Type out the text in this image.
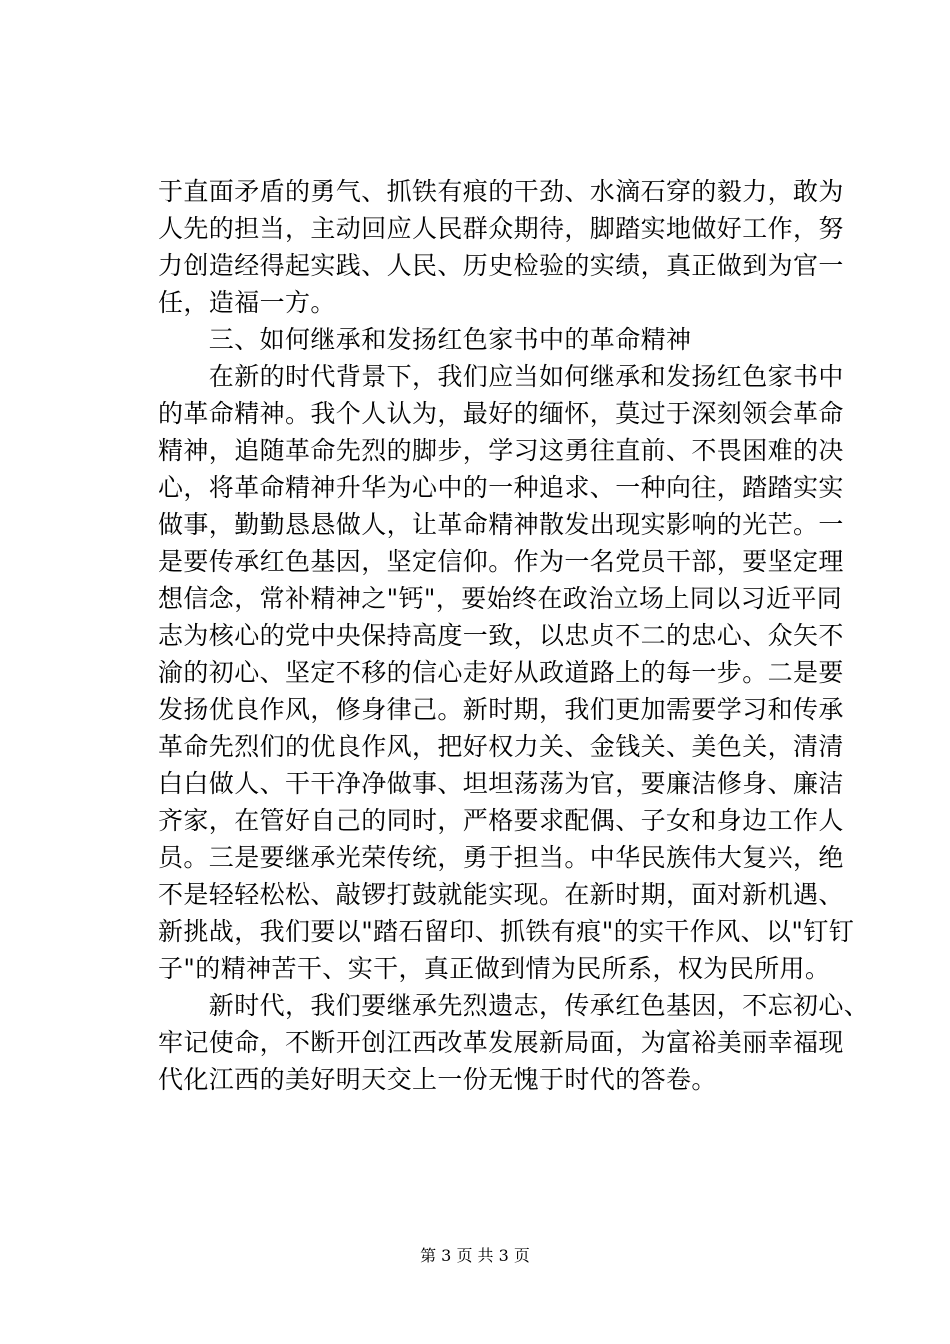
于直面矛盾的勇气、抓铁有痕的干劲、水滴石穿的毅力，敢为
人先的担当，主动回应人民群众期待，脚踏实地做好工作，努
力创造经得起实践、人民、历史检验的实绩，真正做到为官一
任，造福一方。
　　三、如何继承和发扬红色家书中的革命精神
　　在新的时代背景下，我们应当如何继承和发扬红色家书中
的革命精神。我个人认为，最好的缅怀，莫过于深刻领会革命
精神，追随革命先烈的脚步，学习这勇往直前、不畏困难的决
心，将革命精神升华为心中的一种追求、一种向往，踏踏实实
做事，勤勤恳恳做人，让革命精神散发出现实影响的光芒。一
是要传承红色基因，坚定信仰。作为一名党员干部，要坚定理
想信念，常补精神之"钙"，要始终在政治立场上同以习近平同
志为核心的党中央保持高度一致，以忠贞不二的忠心、众矢不
渝的初心、坚定不移的信心走好从政道路上的每一步。二是要
发扬优良作风，修身律己。新时期，我们更加需要学习和传承
革命先烈们的优良作风，把好权力关、金钱关、美色关，清清
白白做人、干干净净做事、坦坦荡荡为官，要廉洁修身、廉洁
齐家，在管好自己的同时，严格要求配偶、子女和身边工作人
员。三是要继承光荣传统，勇于担当。中华民族伟大复兴，绝
不是轻轻松松、敲锣打鼓就能实现。在新时期，面对新机遇、
新挑战，我们要以"踏石留印、抓铁有痕"的实干作风、以"钉钉
子"的精神苦干、实干，真正做到情为民所系，权为民所用。
　　新时代，我们要继承先烈遗志，传承红色基因，不忘初心、
牢记使命，不断开创江西改革发展新局面，为富裕美丽幸福现
代化江西的美好明天交上一份无愧于时代的答卷。
第 3 页 共 3 页
